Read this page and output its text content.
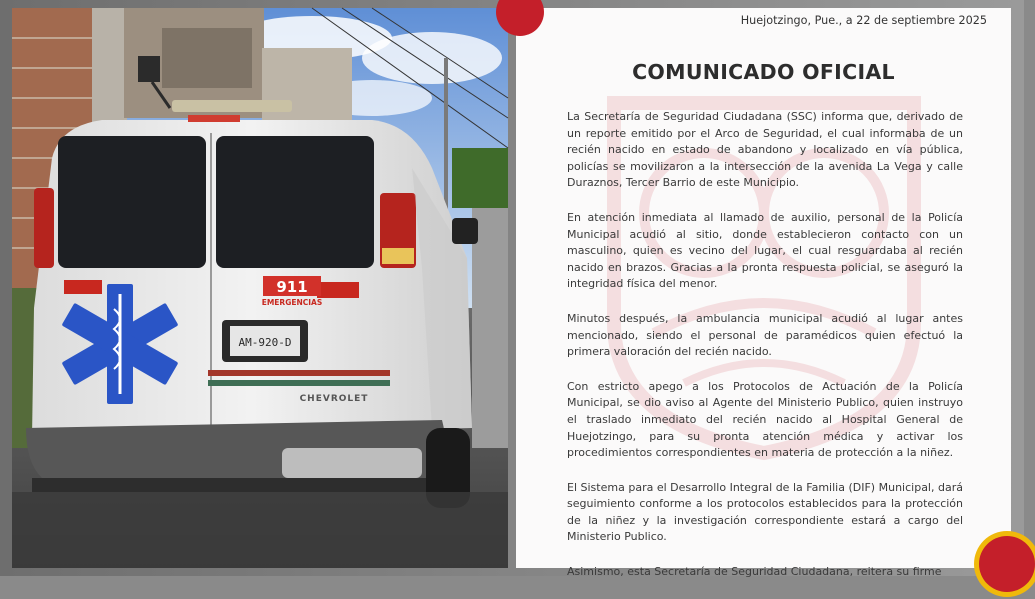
911
EMERGENCIAS
AM-920-D
CHEVROLET
Huejotzingo, Pue., a 22 de septiembre 2025
COMUNICADO OFICIAL

La Secretaría de Seguridad Ciudadana (SSC) informa que, derivado de un reporte emitido por el Arco de Seguridad, el cual informaba de un recién nacido en estado de abandono y localizado en vía pública, policías se movilizaron a la intersección de la avenida La Vega y calle Duraznos, Tercer Barrio de este Municipio.

En atención inmediata al llamado de auxilio, personal de la Policía Municipal acudió al sitio, donde establecieron contacto con un masculino, quien es vecino del lugar, el cual resguardaba al recién nacido en brazos. Gracias a la pronta respuesta policial, se aseguró la integridad física del menor.

Minutos después, la ambulancia municipal acudió al lugar antes mencionado, siendo el personal de paramédicos quien efectuó la primera valoración del recién nacido.

Con estricto apego a los Protocolos de Actuación de la Policía Municipal, se dio aviso al Agente del Ministerio Publico, quien instruyo el traslado inmediato del recién nacido al Hospital General de Huejotzingo, para su pronta atención médica y activar los procedimientos correspondientes en materia de protección a la niñez.

El Sistema para el Desarrollo Integral de la Familia (DIF) Municipal, dará seguimiento conforme a los protocolos establecidos para la protección de la niñez y la investigación correspondiente estará a cargo del Ministerio Publico.

Asimismo, esta Secretaría de Seguridad Ciudadana, reitera su firme
